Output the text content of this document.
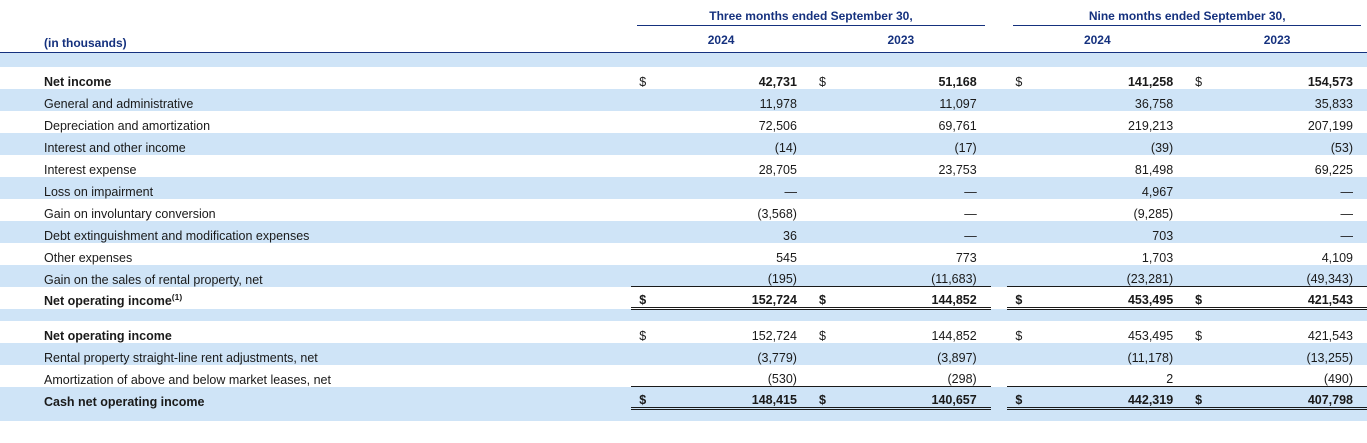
	Three months ended September 30,					Nine months ended September 30,			

(in thousands)	2024		2023			2024		2023	

Net income	$	42,731	$	51,168		$	141,258	$	154,573
General and administrative		11,978		11,097			36,758		35,833
Depreciation and amortization		72,506		69,761			219,213		207,199
Interest and other income		(14)		(17)			(39)		(53)
Interest expense		28,705		23,753			81,498		69,225
Loss on impairment		—		—			4,967		—
Gain on involuntary conversion		(3,568)		—			(9,285)		—
Debt extinguishment and modification expenses		36		—			703		—
Other expenses		545		773			1,703		4,109
Gain on the sales of rental property, net		(195)		(11,683)			(23,281)		(49,343)
Net operating income$^{(1)}$	$	152,724	$	144,852		$	453,495	$	421,543

Net operating income	$	152,724	$	144,852		$	453,495	$	421,543
Rental property straight-line rent adjustments, net		(3,779)		(3,897)			(11,178)		(13,255)
Amortization of above and below market leases, net		(530)		(298)			2		(490)
Cash net operating income	$	148,415	$	140,657		$	442,319	$	407,798
